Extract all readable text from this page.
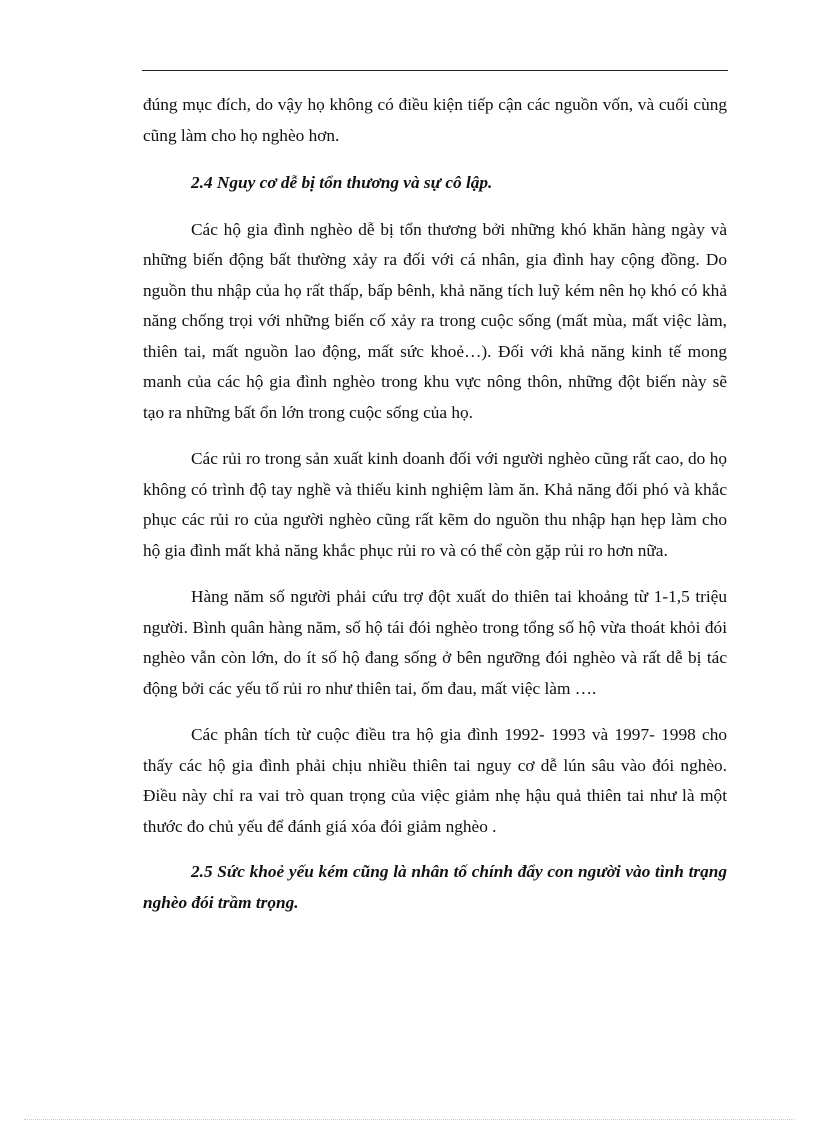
đúng mục đích, do vậy họ không có điều kiện tiếp cận các nguồn vốn, và cuối cùng cũng làm cho họ nghèo hơn.

2.4 Nguy cơ dễ bị tổn thương và sự cô lập.

Các hộ gia đình nghèo dễ bị tổn thương bởi những khó khăn hàng ngày và những biến động bất thường xảy ra đối với cá nhân, gia đình hay cộng đồng. Do nguồn thu nhập của họ rất thấp, bấp bênh, khả năng tích luỹ kém nên họ khó có khả năng chống trọi với những biến cố xảy ra trong cuộc sống (mất mùa, mất việc làm, thiên tai, mất nguồn lao động, mất sức khoẻ…). Đối với khả năng kinh tế mong manh của các hộ gia đình nghèo trong khu vực nông thôn, những đột biến này sẽ tạo ra những bất ổn lớn trong cuộc sống của họ.

Các rủi ro trong sản xuất kinh doanh đối với người nghèo cũng rất cao, do họ không có trình độ tay nghề và thiếu kinh nghiệm làm ăn. Khả năng đối phó và khắc phục các rủi ro của người nghèo cũng rất kẽm do nguồn thu nhập hạn hẹp làm cho hộ gia đình mất khả năng khắc phục rủi ro và có thể còn gặp rủi ro hơn nữa.

Hàng năm số người phải cứu trợ đột xuất do thiên tai khoảng từ 1-1,5 triệu người. Bình quân hàng năm, số hộ tái đói nghèo trong tổng số hộ vừa thoát khỏi đói nghèo vẫn còn lớn, do ít số hộ đang sống ở bên ngưỡng đói nghèo và rất dễ bị tác động bởi các yếu tố rủi ro như thiên tai, ốm đau, mất việc làm ….

Các phân tích từ cuộc điều tra hộ gia đình 1992- 1993 và 1997- 1998 cho thấy các hộ gia đình phải chịu nhiều thiên tai nguy cơ dễ lún sâu vào đói nghèo. Điều này chỉ ra vai trò quan trọng của việc giảm nhẹ hậu quả thiên tai như là một thước đo chủ yếu để đánh giá xóa đói giảm nghèo .

2.5 Sức khoẻ yếu kém cũng là nhân tố chính đẩy con người vào tình trạng nghèo đói trầm trọng.
